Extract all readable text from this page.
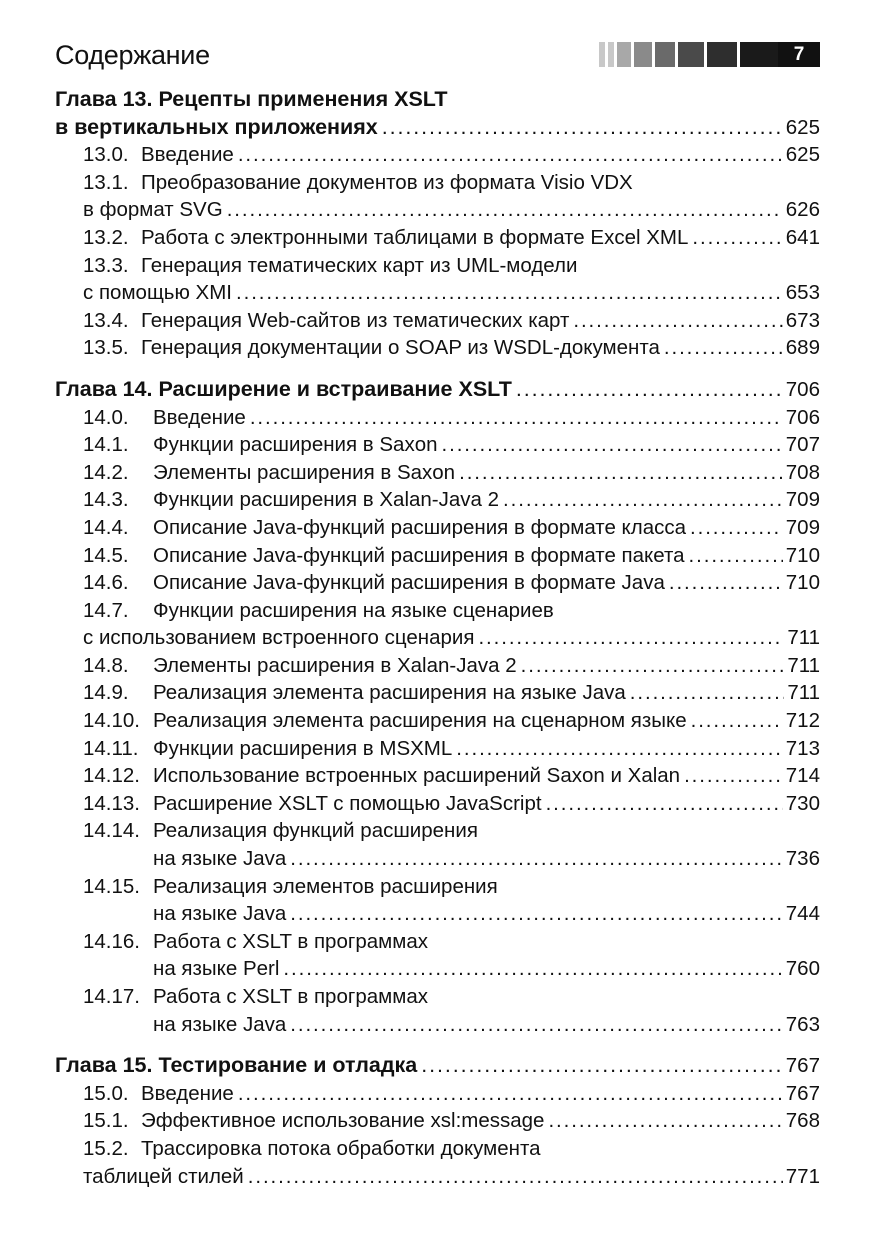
Содержание	7
Глава 13. Рецепты применения XSLT
в вертикальных приложениях .....	625
13.0. Введение .....	625
13.1. Преобразование документов из формата Visio VDX
в формат SVG .....	626
13.2. Работа с электронными таблицами в формате Excel XML .....	641
13.3. Генерация тематических карт из UML-модели
с помощью XMI .....	653
13.4. Генерация Web-сайтов из тематических карт .....	673
13.5. Генерация документации о SOAP из WSDL-документа .....	689
Глава 14. Расширение и встраивание XSLT .....	706
14.0.	Введение .....	706
14.1.	Функции расширения в Saxon .....	707
14.2.	Элементы расширения в Saxon .....	708
14.3.	Функции расширения в Xalan-Java 2 .....	709
14.4.	Описание Java-функций расширения в формате класса .....	709
14.5.	Описание Java-функций расширения в формате пакета .....	710
14.6.	Описание Java-функций расширения в формате Java .....	710
14.7.	Функции расширения на языке сценариев
с использованием встроенного сценария .....	711
14.8.	Элементы расширения в Xalan-Java 2 .....	711
14.9.	Реализация элемента расширения на языке Java .....	711
14.10. Реализация элемента расширения на сценарном языке .....	712
14.11. Функции расширения в MSXML .....	713
14.12. Использование встроенных расширений Saxon и Xalan .....	714
14.13. Расширение XSLT с помощью JavaScript .....	730
14.14. Реализация функций расширения
на языке Java .....	736
14.15. Реализация элементов расширения
на языке Java .....	744
14.16. Работа с XSLT в программах
на языке Perl .....	760
14.17. Работа с XSLT в программах
на языке Java .....	763
Глава 15. Тестирование и отладка .....	767
15.0. Введение .....	767
15.1. Эффективное использование xsl:message .....	768
15.2. Трассировка потока обработки документа
таблицей стилей .....	771
